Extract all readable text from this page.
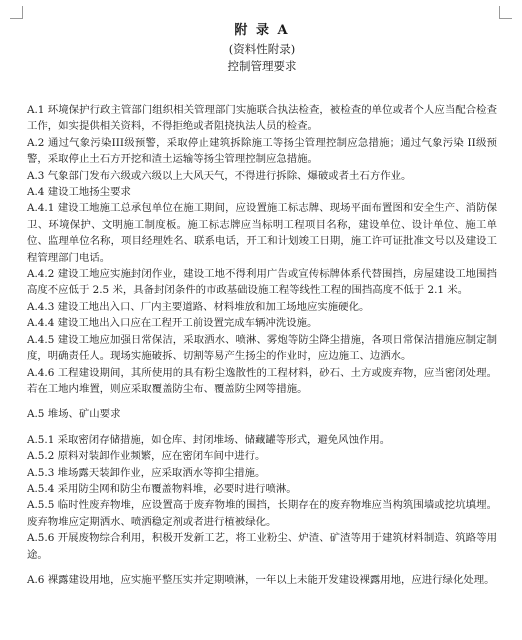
附 录 A

(资料性附录)

控制管理要求

A.1 环境保护行政主管部门组织相关管理部门实施联合执法检查，被检查的单位或者个人应当配合检查工作，如实提供相关资料，不得拒绝或者阻挠执法人员的检查。

A.2 通过气象污染III级预警，采取停止建筑拆除施工等扬尘管理控制应急措施；通过气象污染 II级预警，采取停止土石方开挖和渣土运输等扬尘管理控制应急措施。

A.3 气象部门发布六级或六级以上大风天气，不得进行拆除、爆破或者土石方作业。

A.4 建设工地扬尘要求

A.4.1 建设工地施工总承包单位在施工期间，应设置施工标志牌、现场平面布置图和安全生产、消防保卫、环境保护、文明施工制度板。施工标志牌应当标明工程项目名称，建设单位、设计单位、施工单位、监理单位名称，项目经理姓名、联系电话，开工和计划竣工日期，施工许可证批准文号以及建设工程管理部门电话。

A.4.2 建设工地应实施封闭作业，建设工地不得利用广告或宣传标牌体系代替围挡，房屋建设工地围挡高度不应低于 2.5 米，具备封闭条件的市政基础设施工程等线性工程的围挡高度不低于 2.1 米。

A.4.3 建设工地出入口、厂内主要道路、材料堆放和加工场地应实施硬化。

A.4.4 建设工地出入口应在工程开工前设置完成车辆冲洗设施。

A.4.5 建设工地应加强日常保洁，采取洒水、喷淋、雾炮等防尘降尘措施，各项日常保洁措施应制定制度，明确责任人。现场实施破拆、切割等易产生扬尘的作业时，应边施工、边洒水。

A.4.6 工程建设期间，其所使用的具有粉尘逸散性的工程材料，砂石、土方或废弃物，应当密闭处理。若在工地内堆置，则应采取覆盖防尘布、覆盖防尘网等措施。

A.5 堆场、矿山要求

A.5.1 采取密闭存储措施，如仓库、封闭堆场、储藏罐等形式，避免风蚀作用。

A.5.2 原料对装卸作业频繁，应在密闭车间中进行。

A.5.3 堆场露天装卸作业，应采取洒水等抑尘措施。

A.5.4 采用防尘网和防尘布覆盖物料堆，必要时进行喷淋。

A.5.5 临时性废弃物堆，应设置高于废弃物堆的围挡，长期存在的废弃物堆应当构筑围墙或挖坑填埋。废弃物堆应定期洒水、喷洒稳定剂或者进行植被绿化。

A.5.6 开展废物综合利用，积极开发新工艺，将工业粉尘、炉渣、矿渣等用于建筑材料制造、筑路等用途。

A.6 裸露建设用地，应实施平整压实并定期喷淋，一年以上未能开发建设裸露用地，应进行绿化处理。
